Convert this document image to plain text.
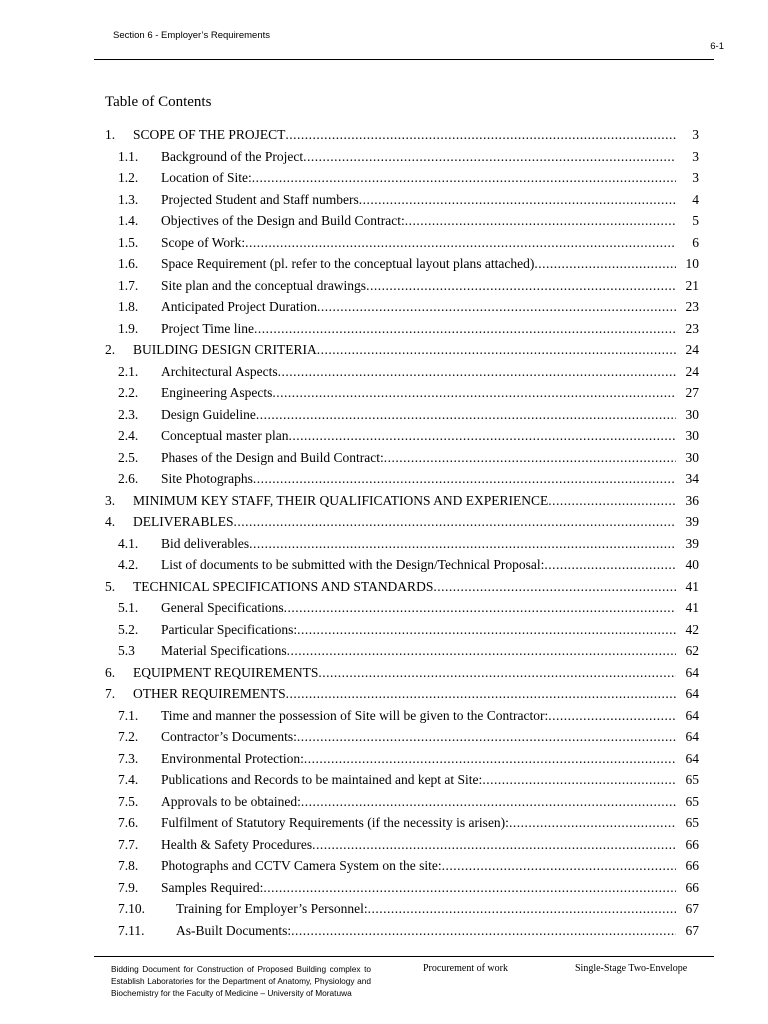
Section 6 - Employer’s Requirements
6-1
Table of Contents
1. SCOPE OF THE PROJECT .....	3
1.1. Background of the Project .....	3
1.2. Location of Site: .....	3
1.3. Projected Student and Staff numbers .....	4
1.4. Objectives of the Design and Build Contract: .....	5
1.5. Scope of Work: .....	6
1.6. Space Requirement (pl. refer to the conceptual layout plans attached) .....	10
1.7. Site plan and the conceptual drawings .....	21
1.8. Anticipated Project Duration .....	23
1.9. Project Time line .....	23
2. BUILDING DESIGN CRITERIA .....	24
2.1. Architectural Aspects .....	24
2.2. Engineering Aspects .....	27
2.3. Design Guideline .....	30
2.4. Conceptual master plan .....	30
2.5. Phases of the Design and Build Contract: .....	30
2.6. Site Photographs .....	34
3. MINIMUM KEY STAFF, THEIR QUALIFICATIONS AND EXPERIENCE .....	36
4. DELIVERABLES .....	39
4.1. Bid deliverables .....	39
4.2. List of documents to be submitted with the Design/Technical Proposal: .....	40
5. TECHNICAL SPECIFICATIONS AND STANDARDS .....	41
5.1. General Specifications .....	41
5.2. Particular Specifications: .....	42
5.3 Material Specifications .....	62
6. EQUIPMENT REQUIREMENTS .....	64
7. OTHER REQUIREMENTS .....	64
7.1. Time and manner the possession of Site will be given to the Contractor: .....	64
7.2. Contractor’s Documents: .....	64
7.3. Environmental Protection: .....	64
7.4. Publications and Records to be maintained and kept at Site: .....	65
7.5. Approvals to be obtained: .....	65
7.6. Fulfilment of Statutory Requirements (if the necessity is arisen): .....	65
7.7. Health & Safety Procedures .....	66
7.8. Photographs and CCTV Camera System on the site: .....	66
7.9. Samples Required: .....	66
7.10. Training for Employer’s Personnel: .....	67
7.11. As-Built Documents: .....	67
Bidding Document for Construction of Proposed Building complex to Establish Laboratories for the Department of Anatomy, Physiology and Biochemistry for the Faculty of Medicine – University of Moratuwa
Procurement of work	Single-Stage Two-Envelope
